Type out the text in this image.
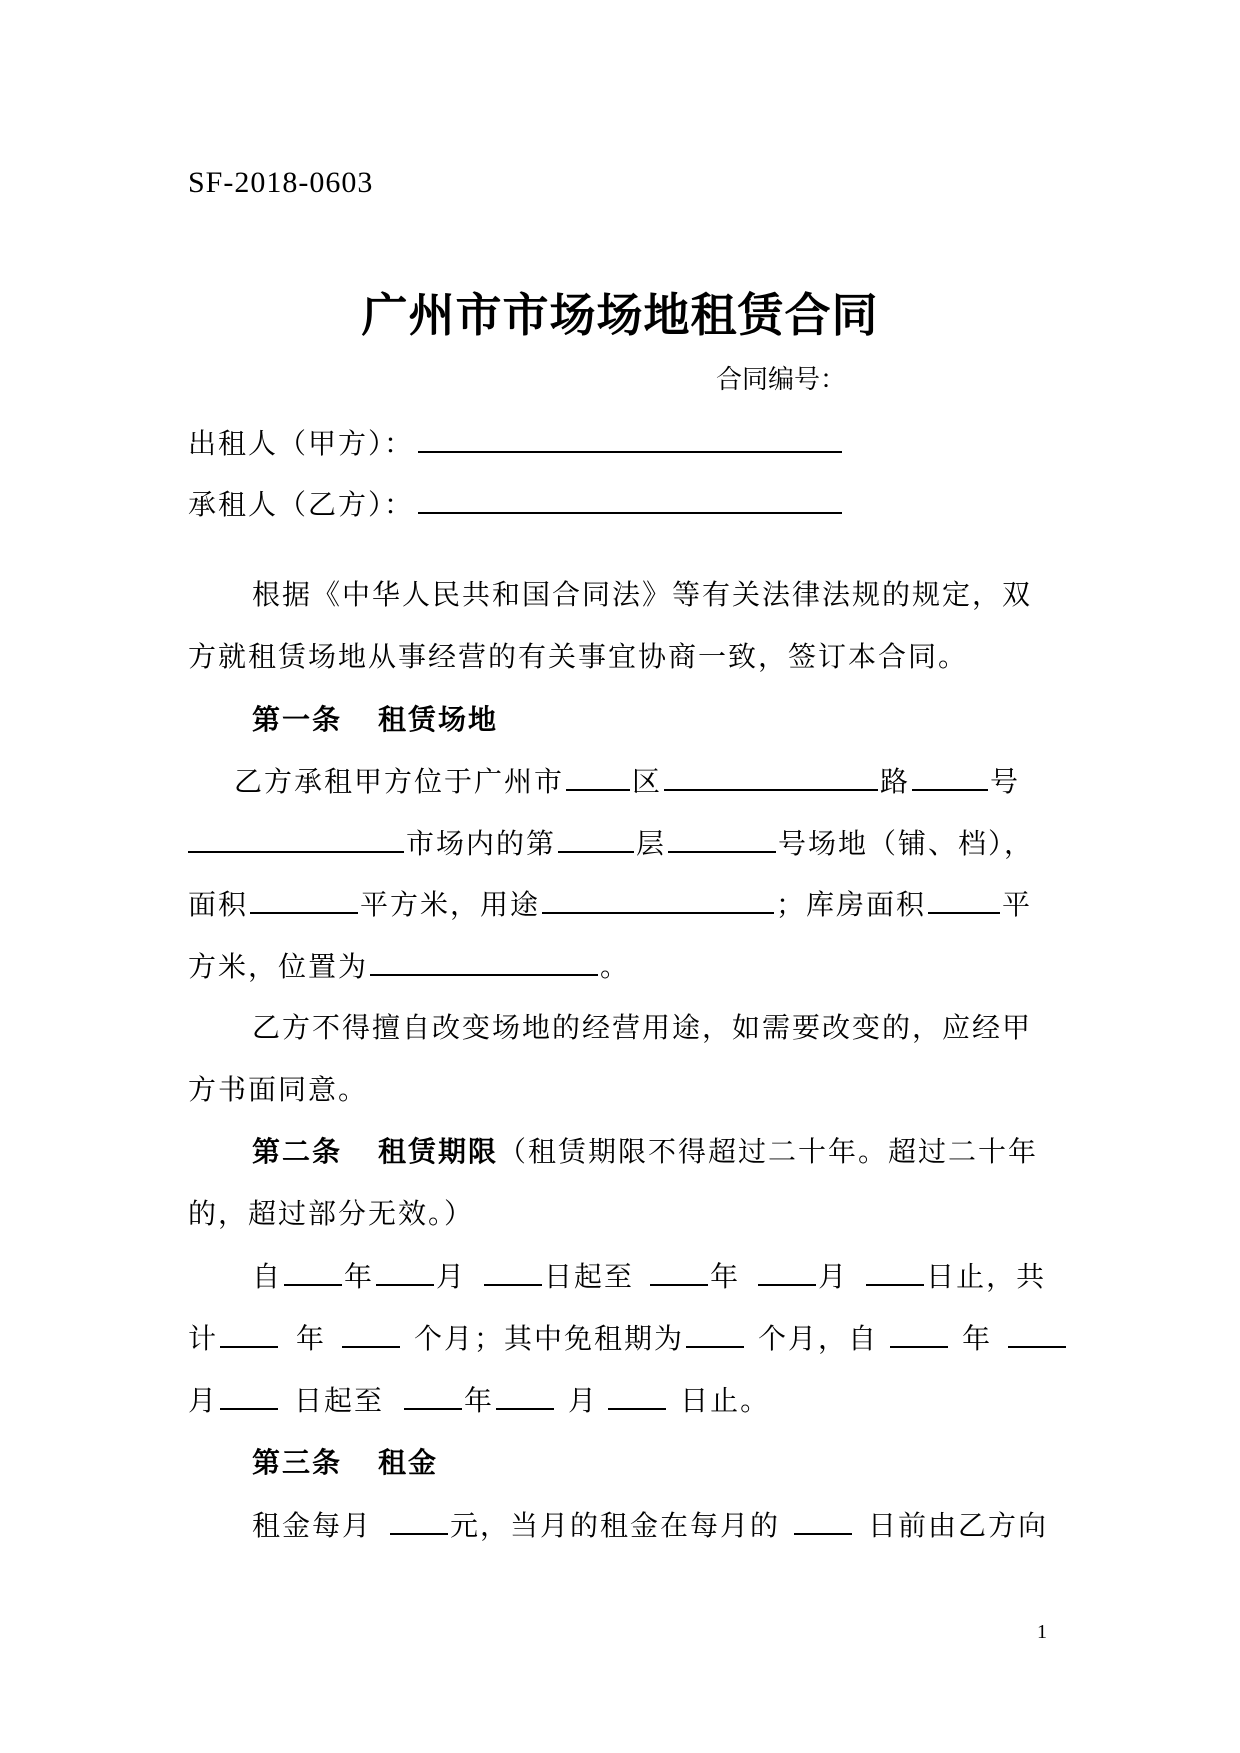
SF-2018-0603
广州市市场场地租赁合同
合同编号：
出租人（甲方）：
承租人（乙方）：
根据《中华人民共和国合同法》等有关法律法规的规定，双
方就租赁场地从事经营的有关事宜协商一致，签订本合同。
第一条 租赁场地
乙方承租甲方位于广州市 区	路	号
市场内的第	层	号场地（铺、档），
面积	平方米，用途	；库房面积	平
方米，位置为	。
乙方不得擅自改变场地的经营用途，如需要改变的，应经甲
方书面同意。
第二条 租赁期限（租赁期限不得超过二十年。超过二十年
的，超过部分无效。）
自 年 月	日起至	年	月	日止，共
计	年	个月；其中免租期为	个月，自	年
月	日起至	年	月	日止。
第三条 租金
租金每月	元，当月的租金在每月的	日前由乙方向
1
